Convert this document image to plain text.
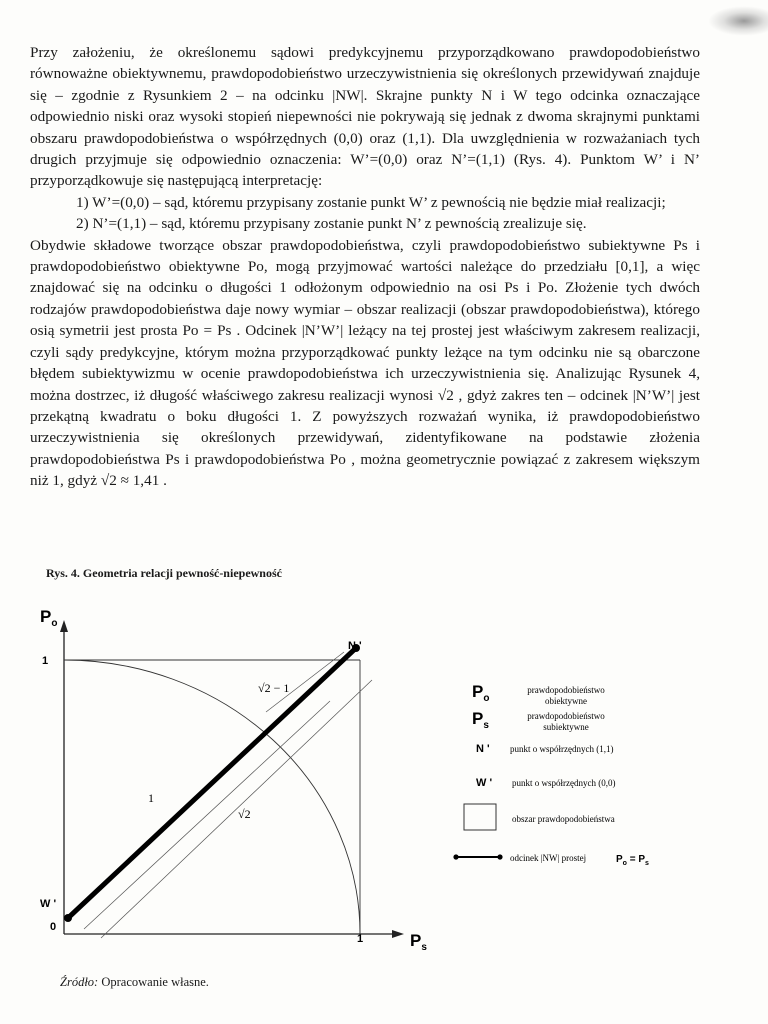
Przy założeniu, że określonemu sądowi predykcyjnemu przyporządkowano prawdopodobieństwo równoważne obiektywnemu, prawdopodobieństwo urzeczywistnienia się określonych przewidywań znajduje się – zgodnie z Rysunkiem 2 – na odcinku |NW|. Skrajne punkty N i W tego odcinka oznaczające odpowiednio niski oraz wysoki stopień niepewności nie pokrywają się jednak z dwoma skrajnymi punktami obszaru prawdopodobieństwa o współrzędnych (0,0) oraz (1,1). Dla uwzględnienia w rozważaniach tych drugich przyjmuje się odpowiednio oznaczenia: W’=(0,0) oraz N’=(1,1) (Rys. 4). Punktom W’ i N’ przyporządkowuje się następującą interpretację:

1) W’=(0,0) – sąd, któremu przypisany zostanie punkt W’ z pewnością nie będzie miał realizacji;
2) N’=(1,1) – sąd, któremu przypisany zostanie punkt N’ z pewnością zrealizuje się.

Obydwie składowe tworzące obszar prawdopodobieństwa, czyli prawdopodobieństwo subiektywne Ps i prawdopodobieństwo obiektywne Po, mogą przyjmować wartości należące do przedziału [0,1], a więc znajdować się na odcinku o długości 1 odłożonym odpowiednio na osi Ps i Po. Złożenie tych dwóch rodzajów prawdopodobieństwa daje nowy wymiar – obszar realizacji (obszar prawdopodobieństwa), którego osią symetrii jest prosta Po = Ps . Odcinek |N’W’| leżący na tej prostej jest właściwym zakresem realizacji, czyli sądy predykcyjne, którym można przyporządkować punkty leżące na tym odcinku nie są obarczone błędem subiektywizmu w ocenie prawdopodobieństwa ich urzeczywistnienia się. Analizując Rysunek 4, można dostrzec, iż długość właściwego zakresu realizacji wynosi √2 , gdyż zakres ten – odcinek |N’W’| jest przekątną kwadratu o boku długości 1. Z powyższych rozważań wynika, iż prawdopodobieństwo urzeczywistnienia się określonych przewidywań, zidentyfikowane na podstawie złożenia prawdopodobieństwa Ps i prawdopodobieństwa Po , można geometrycznie powiązać z zakresem większym niż 1, gdyż √2 ≈ 1,41 .

Rys. 4. Geometria relacji pewność-niepewność
$P_o$
$P_s$
1
1
0
N '
W '
√2 − 1
1
√2
$P_o$
prawdopodobieństwo
obiektywne
$P_s$
prawdopodobieństwo
subiektywne
N ' punkt o współrzędnych (1,1)
W ' punkt o współrzędnych (0,0)
obszar prawdopodobieństwa
odcinek |NW| prostej	$P_o = P_s$
Źródło: Opracowanie własne.
